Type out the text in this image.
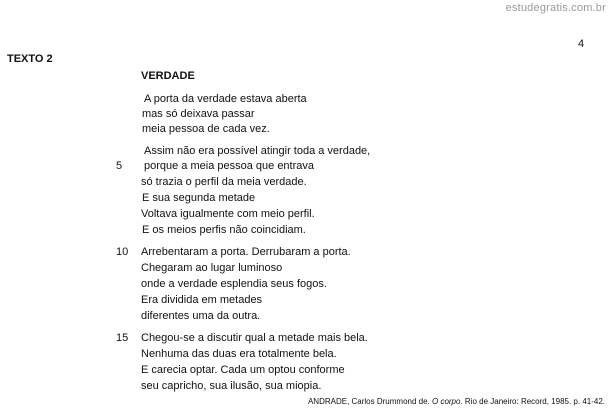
estudegratis.com.br
4
TEXTO 2
VERDADE
A porta da verdade estava aberta
mas só deixava passar
meia pessoa de cada vez.
Assim não era possível atingir toda a verdade,
5 porque a meia pessoa que entrava
só trazia o perfil da meia verdade.
E sua segunda metade
Voltava igualmente com meio perfil.
E os meios perfis não coincidiam.
10 Arrebentaram a porta. Derrubaram a porta.
Chegaram ao lugar luminoso
onde a verdade esplendia seus fogos.
Era dividida em metades
diferentes uma da outra.
15 Chegou-se a discutir qual a metade mais bela.
Nenhuma das duas era totalmente bela.
E carecia optar. Cada um optou conforme
seu capricho, sua ilusão, sua miopia.
ANDRADE, Carlos Drummond de. O corpo. Rio de Janeiro: Record, 1985. p. 41-42.
